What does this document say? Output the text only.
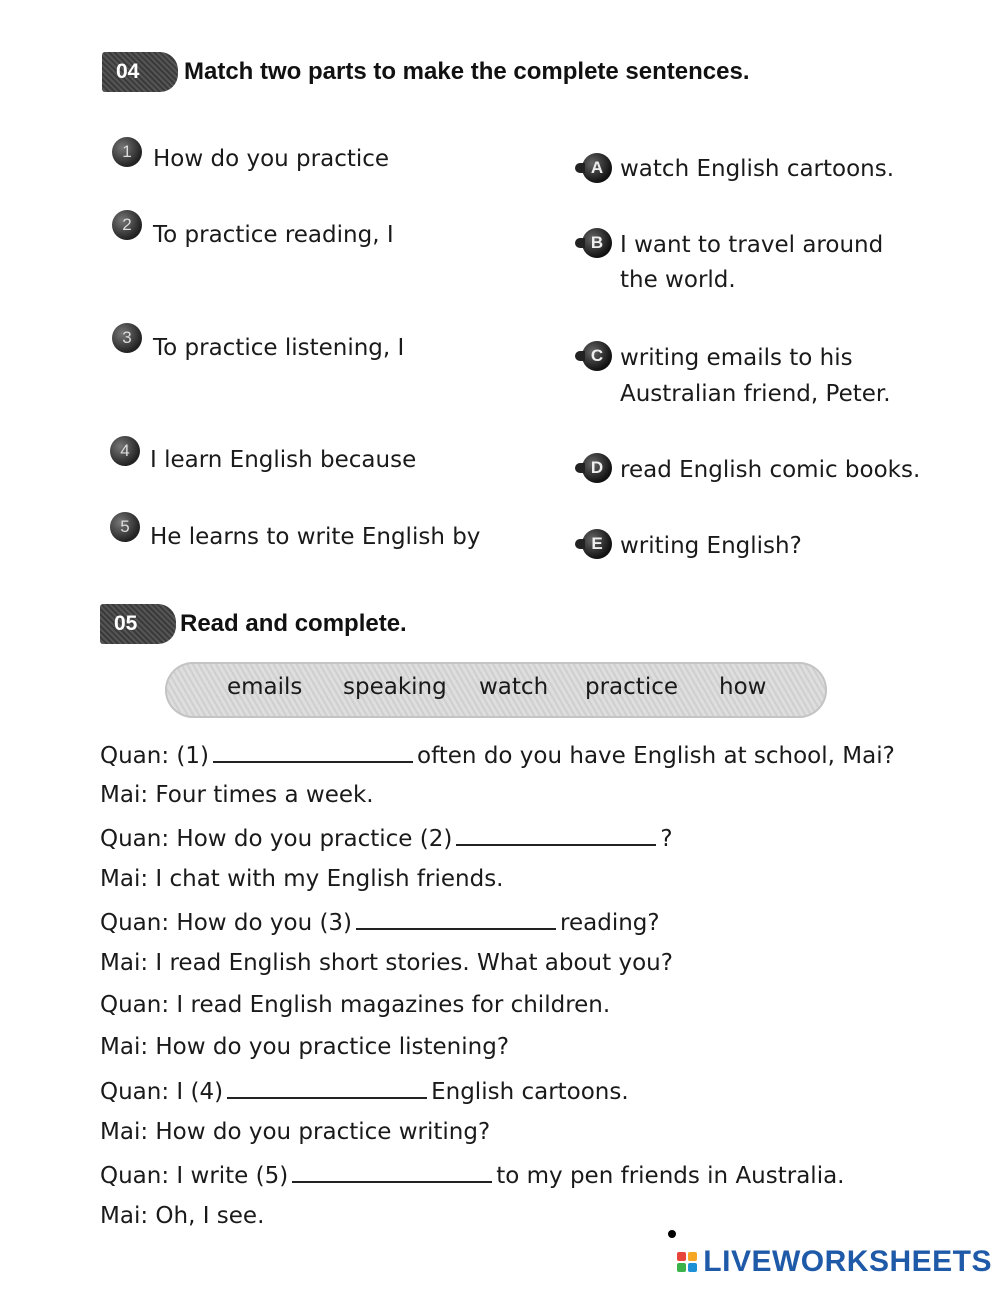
04 Match two parts to make the complete sentences.
1 How do you practice
2 To practice reading, I
3 To practice listening, I
4 I learn English because
5 He learns to write English by
A watch English cartoons.
B I want to travel around
the world.
C writing emails to his
Australian friend, Peter.
D read English comic books.
E writing English?
05 Read and complete.
emails speaking watch practice how
Quan: (1)	often do you have English at school, Mai?
Mai: Four times a week.
Quan: How do you practice (2)	?
Mai: I chat with my English friends.
Quan: How do you (3)	reading?
Mai: I read English short stories. What about you?
Quan: I read English magazines for children.
Mai: How do you practice listening?
Quan: I (4)	English cartoons.
Mai: How do you practice writing?
Quan: I write (5)	to my pen friends in Australia.
Mai: Oh, I see.
LIVEWORKSHEETS
